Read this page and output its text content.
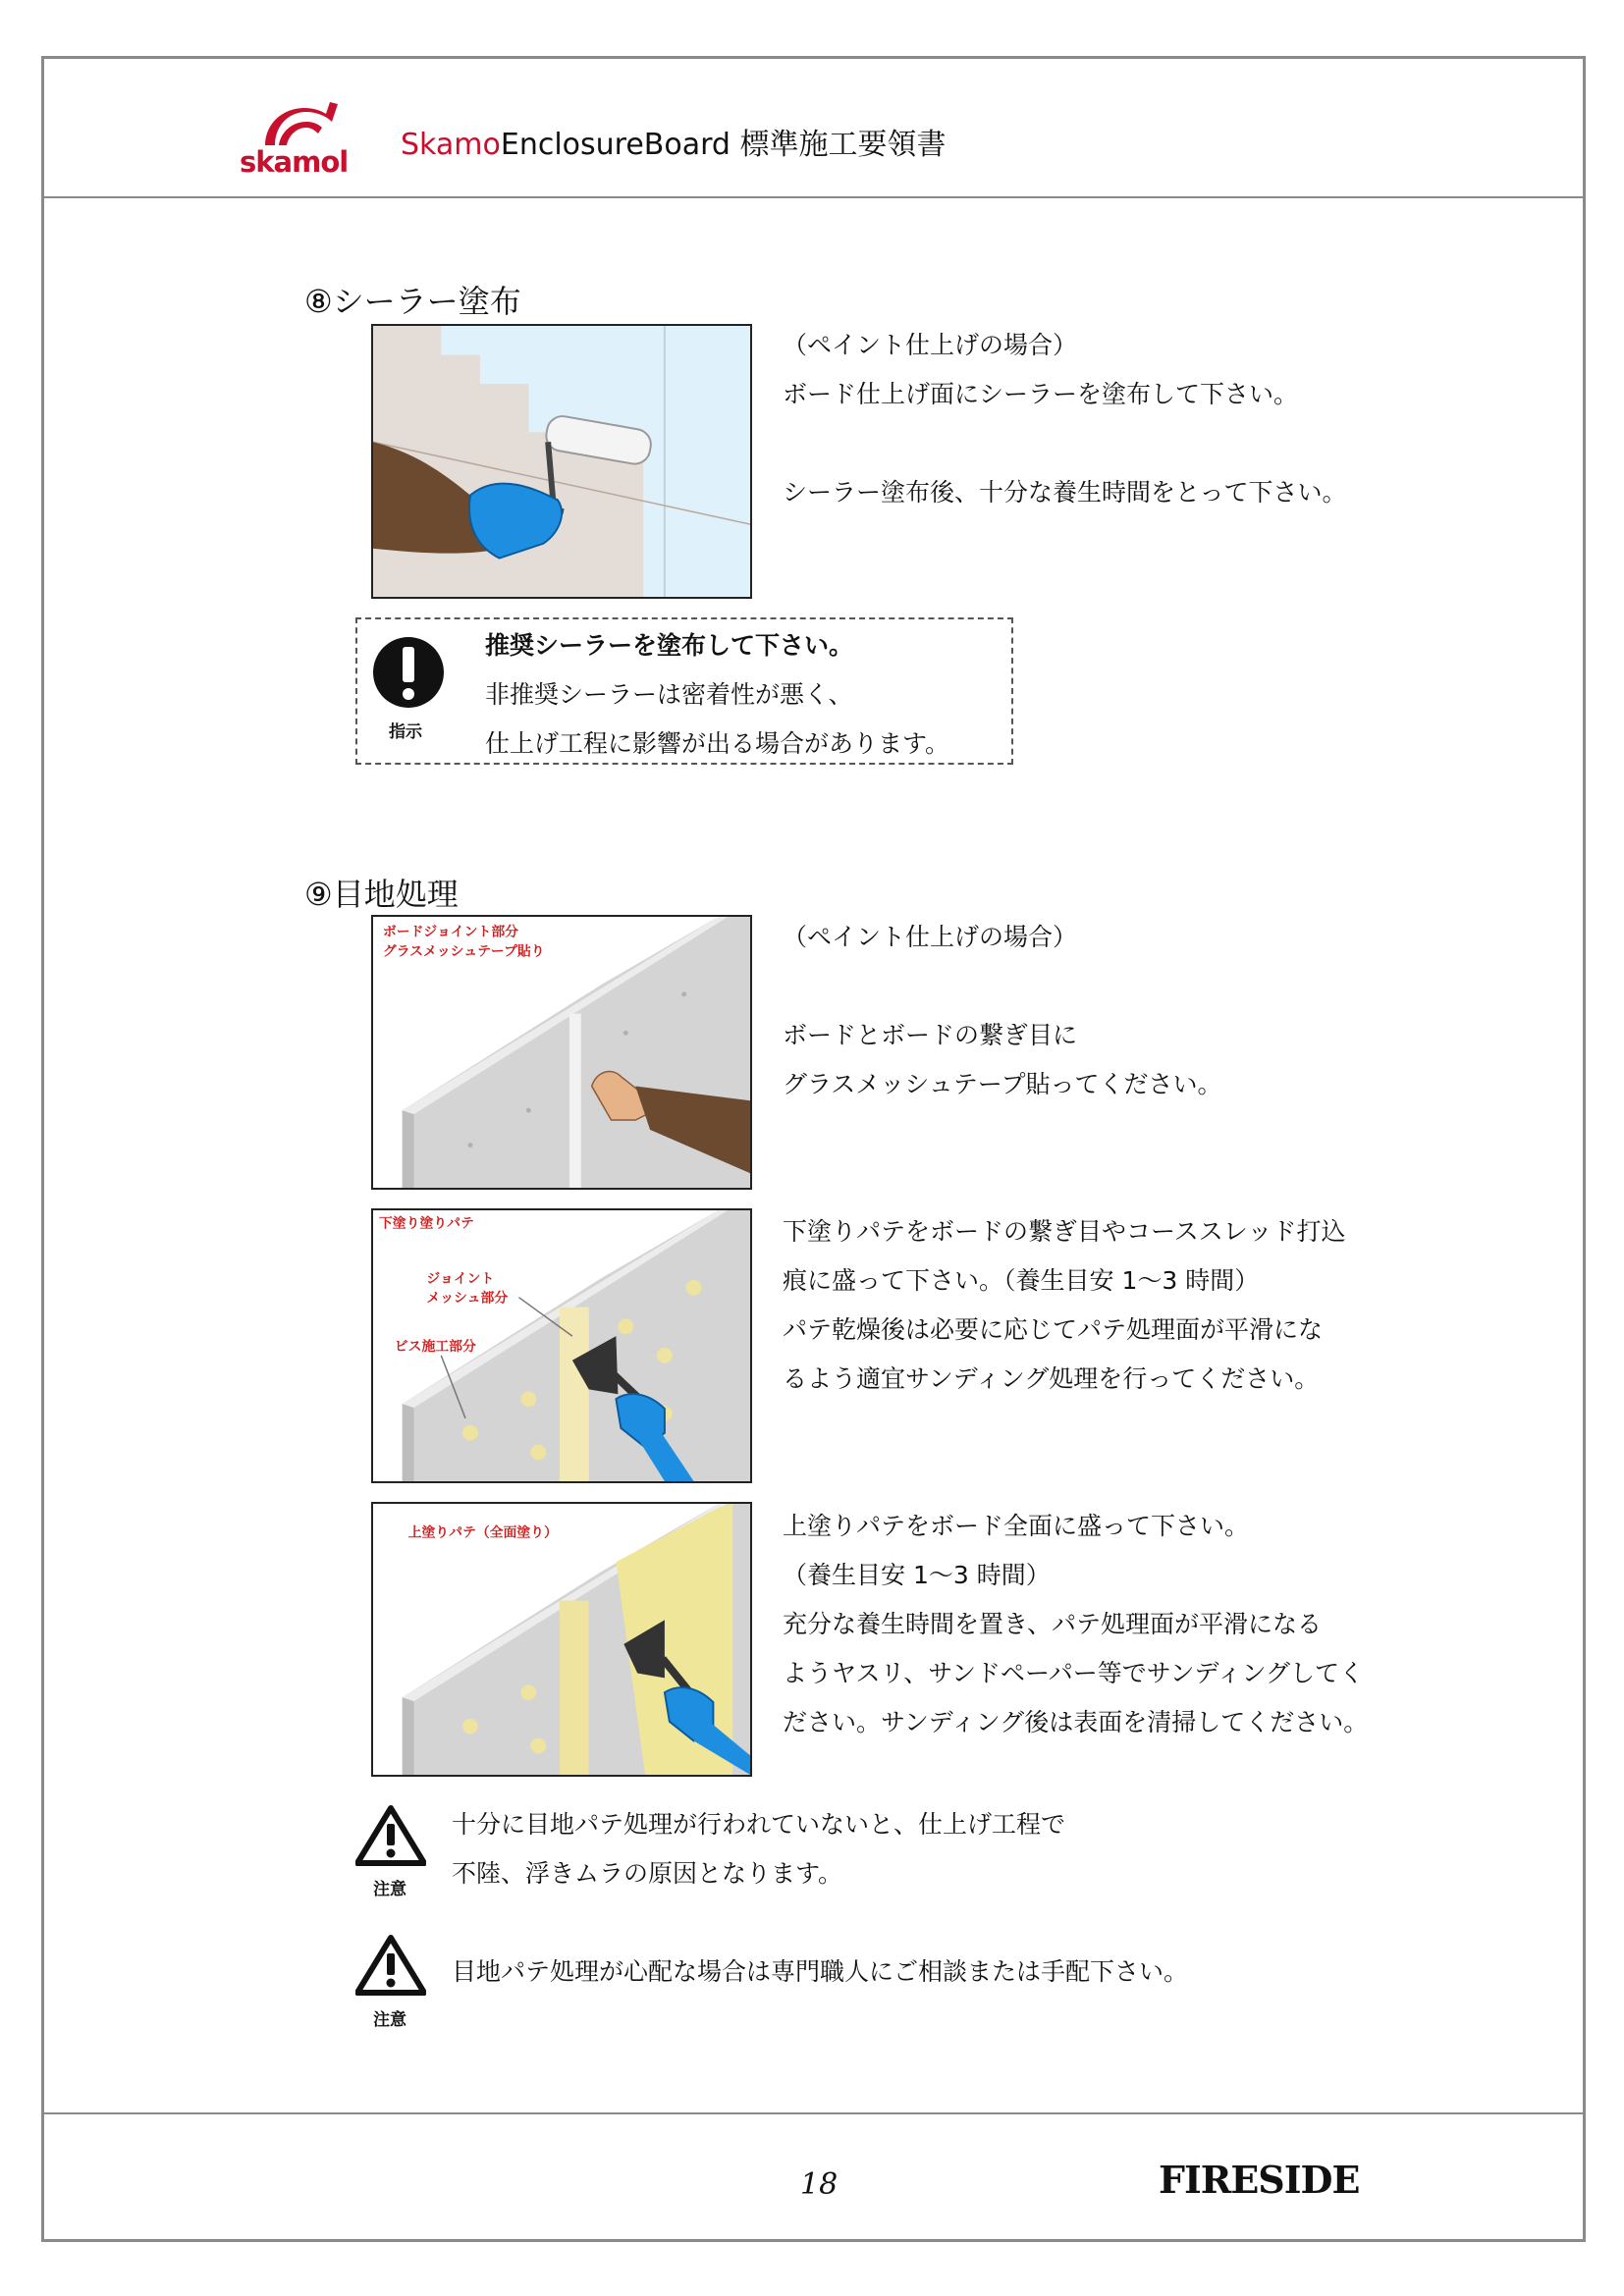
skamol SkamoEnclosureBoard 標準施工要領書
⑧シーラー塗布
（ペイント仕上げの場合）
ボード仕上げ面にシーラーを塗布して下さい。
シーラー塗布後、十分な養生時間をとって下さい。
指示
推奨シーラーを塗布して下さい。
非推奨シーラーは密着性が悪く、
仕上げ工程に影響が出る場合があります。
⑨目地処理
ボードジョイント部分
グラスメッシュテープ貼り
（ペイント仕上げの場合）
ボードとボードの繋ぎ目に
グラスメッシュテープ貼ってください。
下塗り塗りパテ
ジョイント
メッシュ部分
ビス施工部分
下塗りパテをボードの繋ぎ目やコーススレッド打込
痕に盛って下さい。（養生目安 1～3 時間）
パテ乾燥後は必要に応じてパテ処理面が平滑にな
るよう適宜サンディング処理を行ってください。
上塗りパテ（全面塗り）	上塗りパテをボード全面に盛って下さい。
（養生目安 1～3 時間）
充分な養生時間を置き、パテ処理面が平滑になる
ようヤスリ、サンドペーパー等でサンディングしてく
ださい。サンディング後は表面を清掃してください。
注意
十分に目地パテ処理が行われていないと、仕上げ工程で
不陸、浮きムラの原因となります。
注意
目地パテ処理が心配な場合は専門職人にご相談または手配下さい。
18	FIRESIDE
